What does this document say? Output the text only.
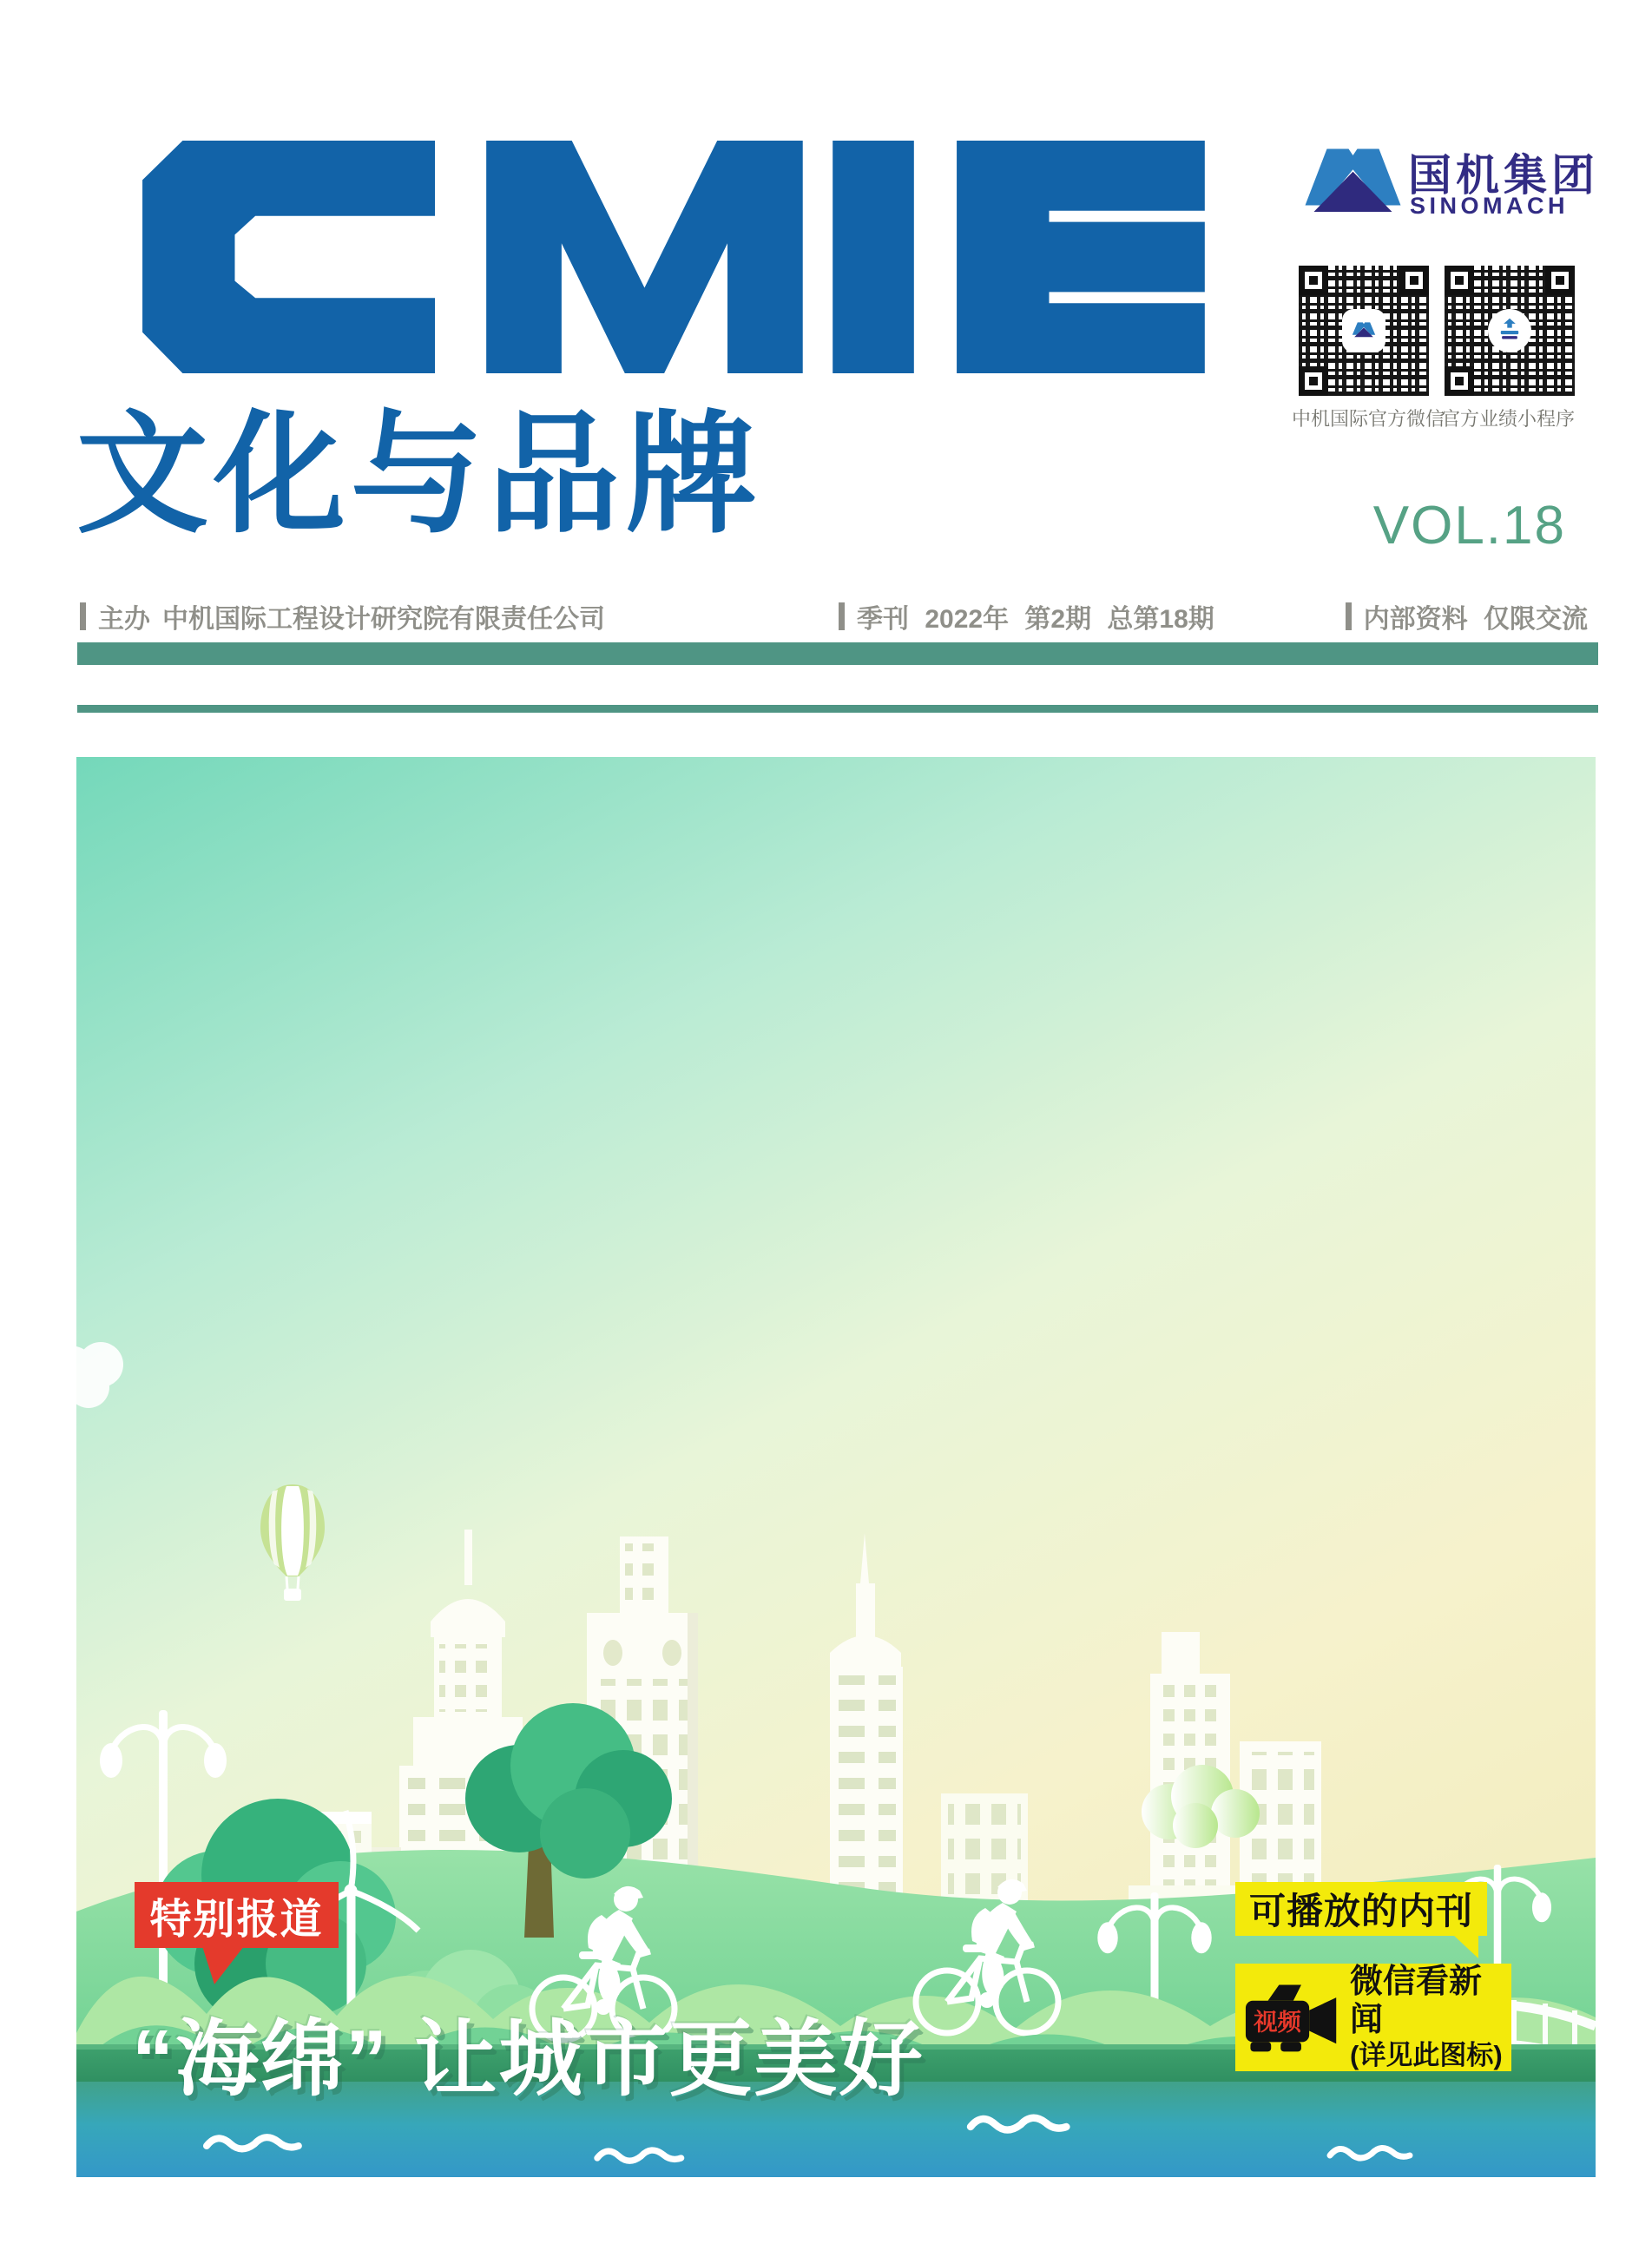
文化与品牌
国机集团
SINOMACH
中机国际官方微信
官方业绩小程序
VOL.18
主办 中机国际工程设计研究院有限责任公司	季刊 2022年 第2期 总第18期	内部资料 仅限交流
特别报道
“海绵” 让城市更美好
可播放的内刊
视频
微信看新闻
(详见此图标)
